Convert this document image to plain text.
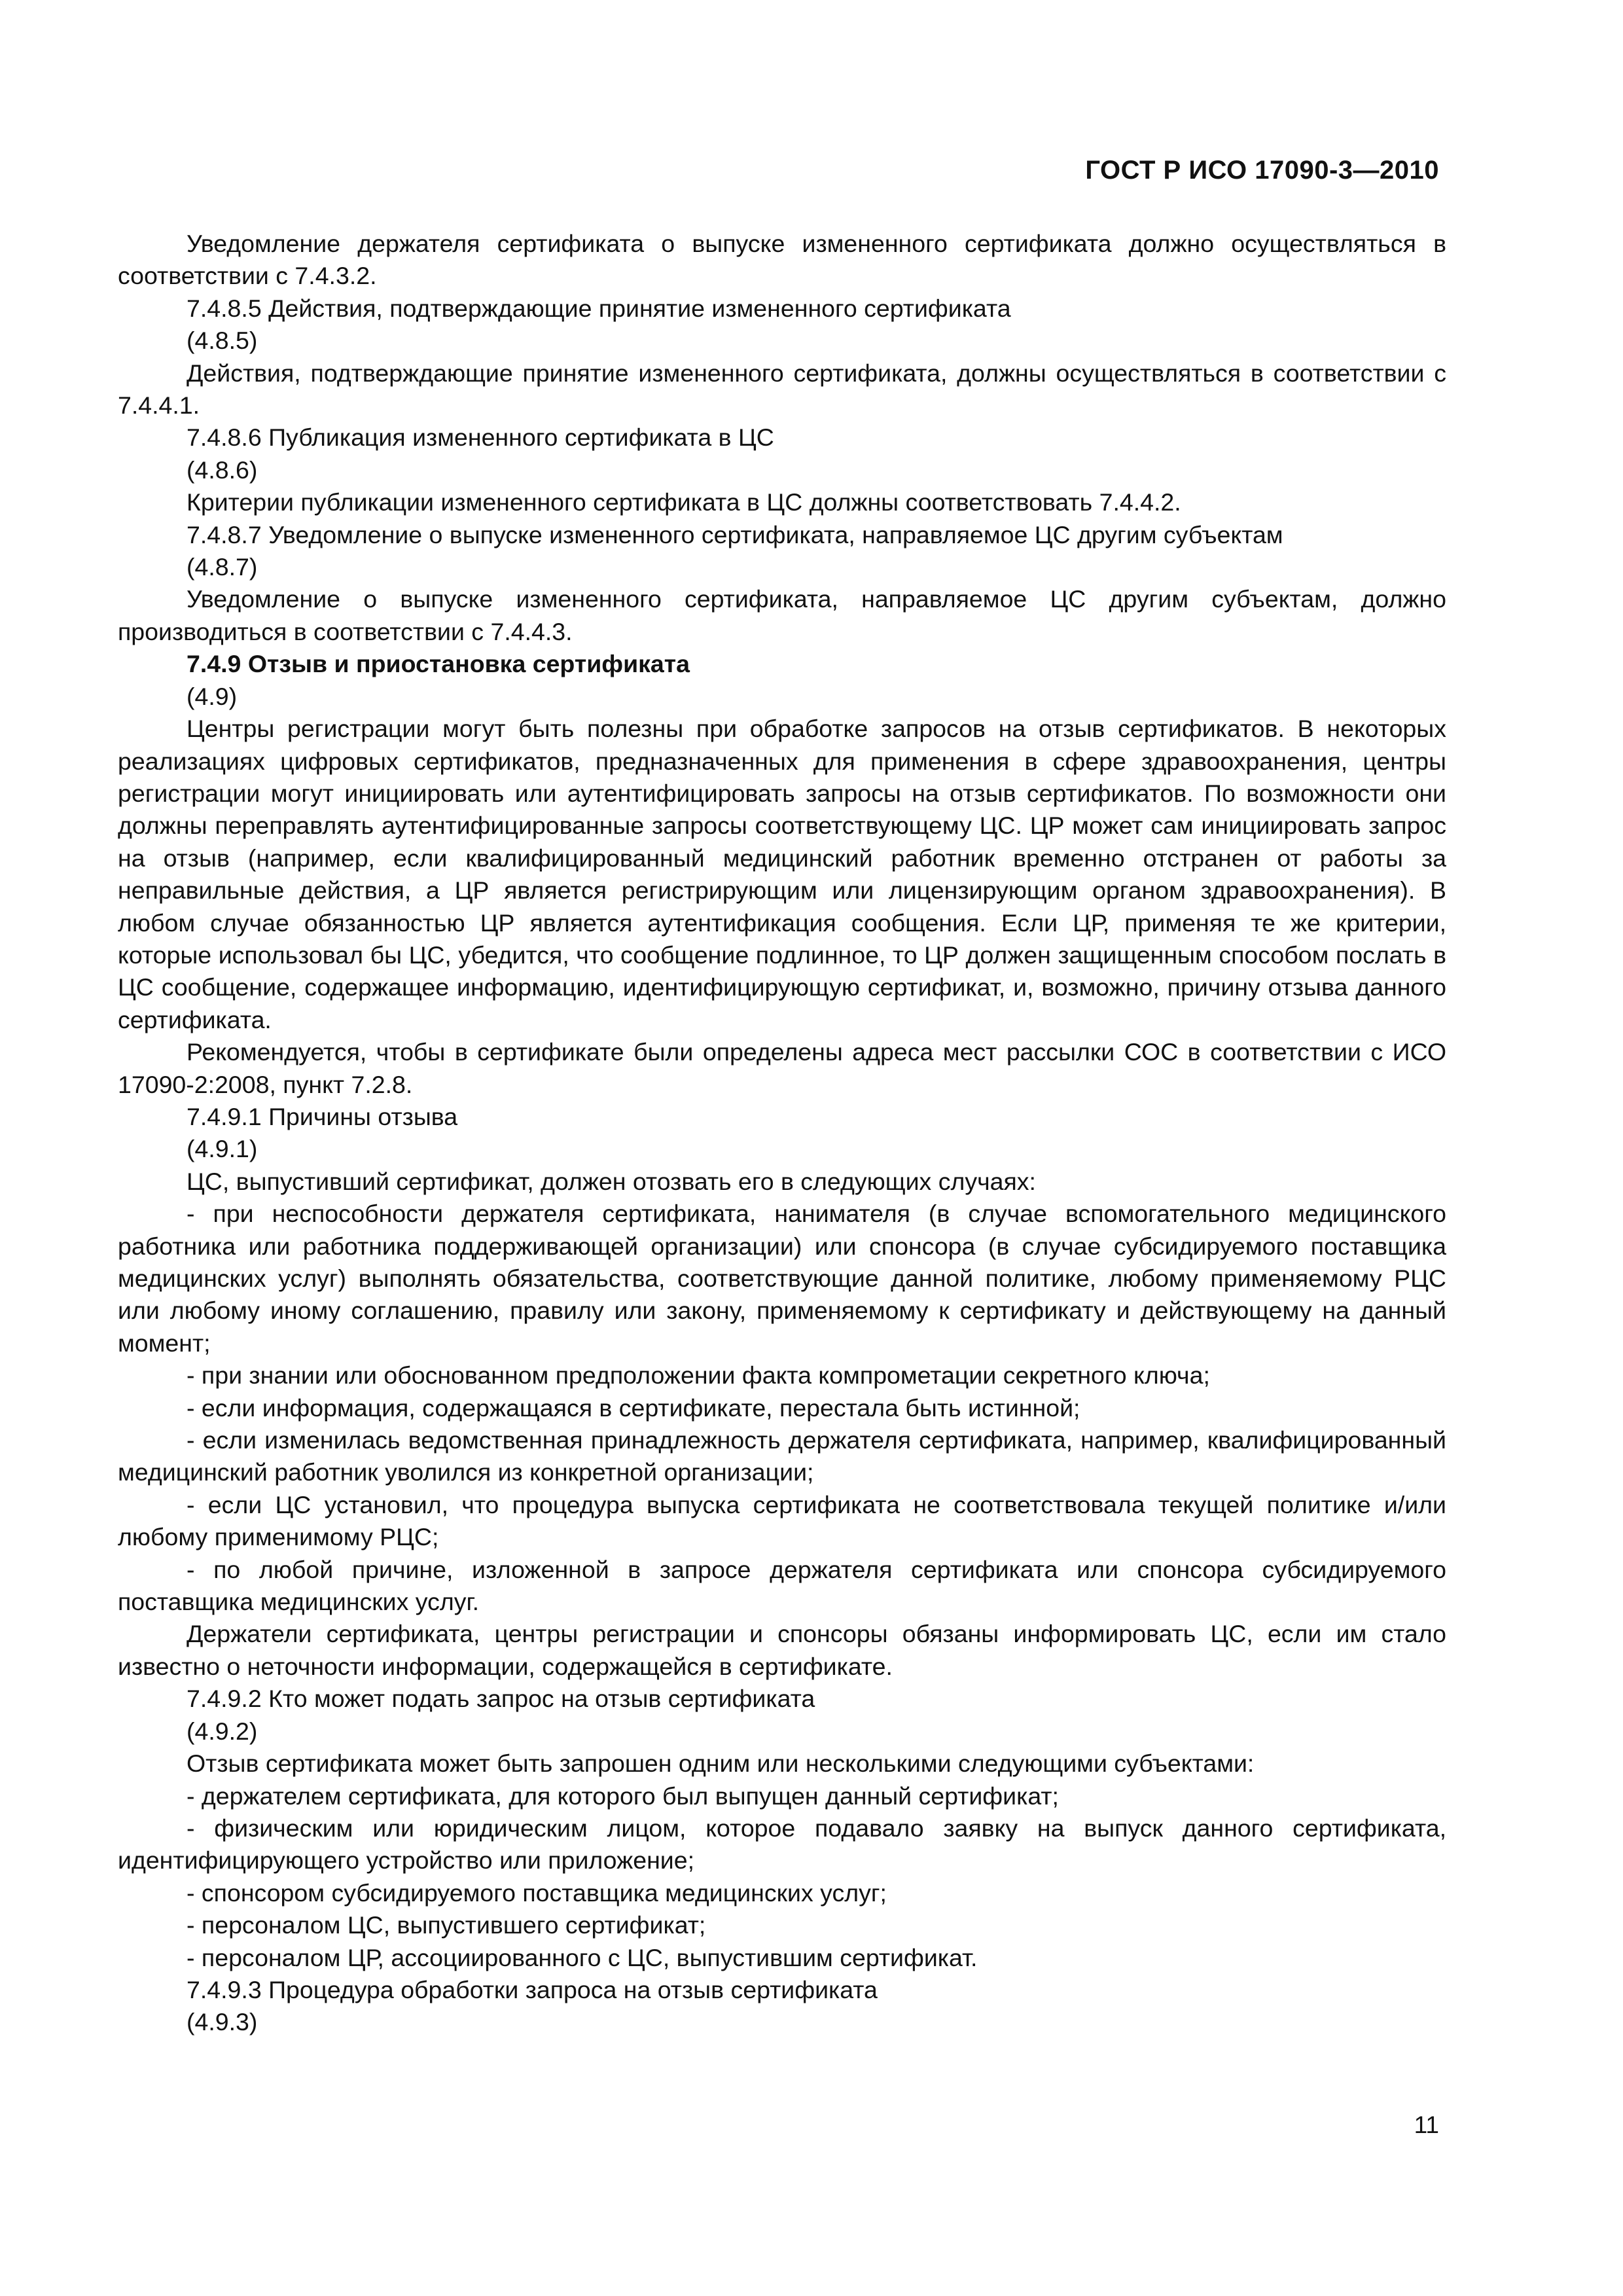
ГОСТ Р ИСО 17090-3—2010

Уведомление держателя сертификата о выпуске измененного сертификата должно осуществляться в соответствии с 7.4.3.2.

7.4.8.5 Действия, подтверждающие принятие измененного сертификата

(4.8.5)

Действия, подтверждающие принятие измененного сертификата, должны осуществляться в соответствии с 7.4.4.1.

7.4.8.6 Публикация измененного сертификата в ЦС

(4.8.6)

Критерии публикации измененного сертификата в ЦС должны соответствовать 7.4.4.2.

7.4.8.7 Уведомление о выпуске измененного сертификата, направляемое ЦС другим субъектам

(4.8.7)

Уведомление о выпуске измененного сертификата, направляемое ЦС другим субъектам, должно производиться в соответствии с 7.4.4.3.

7.4.9 Отзыв и приостановка сертификата

(4.9)

Центры регистрации могут быть полезны при обработке запросов на отзыв сертификатов. В некоторых реализациях цифровых сертификатов, предназначенных для применения в сфере здравоохранения, центры регистрации могут инициировать или аутентифицировать запросы на отзыв сертификатов. По возможности они должны переправлять аутентифицированные запросы соответствующему ЦС. ЦР может сам инициировать запрос на отзыв (например, если квалифицированный медицинский работник временно отстранен от работы за неправильные действия, а ЦР является регистрирующим или лицензирующим органом здравоохранения). В любом случае обязанностью ЦР является аутентификация сообщения. Если ЦР, применяя те же критерии, которые использовал бы ЦС, убедится, что сообщение подлинное, то ЦР должен защищенным способом послать в ЦС сообщение, содержащее информацию, идентифицирующую сертификат, и, возможно, причину отзыва данного сертификата.

Рекомендуется, чтобы в сертификате были определены адреса мест рассылки СОС в соответствии с ИСО 17090-2:2008, пункт 7.2.8.

7.4.9.1 Причины отзыва

(4.9.1)

ЦС, выпустивший сертификат, должен отозвать его в следующих случаях:

- при неспособности держателя сертификата, нанимателя (в случае вспомогательного медицинского работника или работника поддерживающей организации) или спонсора (в случае субсидируемого поставщика медицинских услуг) выполнять обязательства, соответствующие данной политике, любому применяемому РЦС или любому иному соглашению, правилу или закону, применяемому к сертификату и действующему на данный момент;

- при знании или обоснованном предположении факта компрометации секретного ключа;

- если информация, содержащаяся в сертификате, перестала быть истинной;

- если изменилась ведомственная принадлежность держателя сертификата, например, квалифицированный медицинский работник уволился из конкретной организации;

- если ЦС установил, что процедура выпуска сертификата не соответствовала текущей политике и/или любому применимому РЦС;

- по любой причине, изложенной в запросе держателя сертификата или спонсора субсидируемого поставщика медицинских услуг.

Держатели сертификата, центры регистрации и спонсоры обязаны информировать ЦС, если им стало известно о неточности информации, содержащейся в сертификате.

7.4.9.2 Кто может подать запрос на отзыв сертификата

(4.9.2)

Отзыв сертификата может быть запрошен одним или несколькими следующими субъектами:

- держателем сертификата, для которого был выпущен данный сертификат;

- физическим или юридическим лицом, которое подавало заявку на выпуск данного сертификата, идентифицирующего устройство или приложение;

- спонсором субсидируемого поставщика медицинских услуг;

- персоналом ЦС, выпустившего сертификат;

- персоналом ЦР, ассоциированного с ЦС, выпустившим сертификат.

7.4.9.3 Процедура обработки запроса на отзыв сертификата

(4.9.3)

11
